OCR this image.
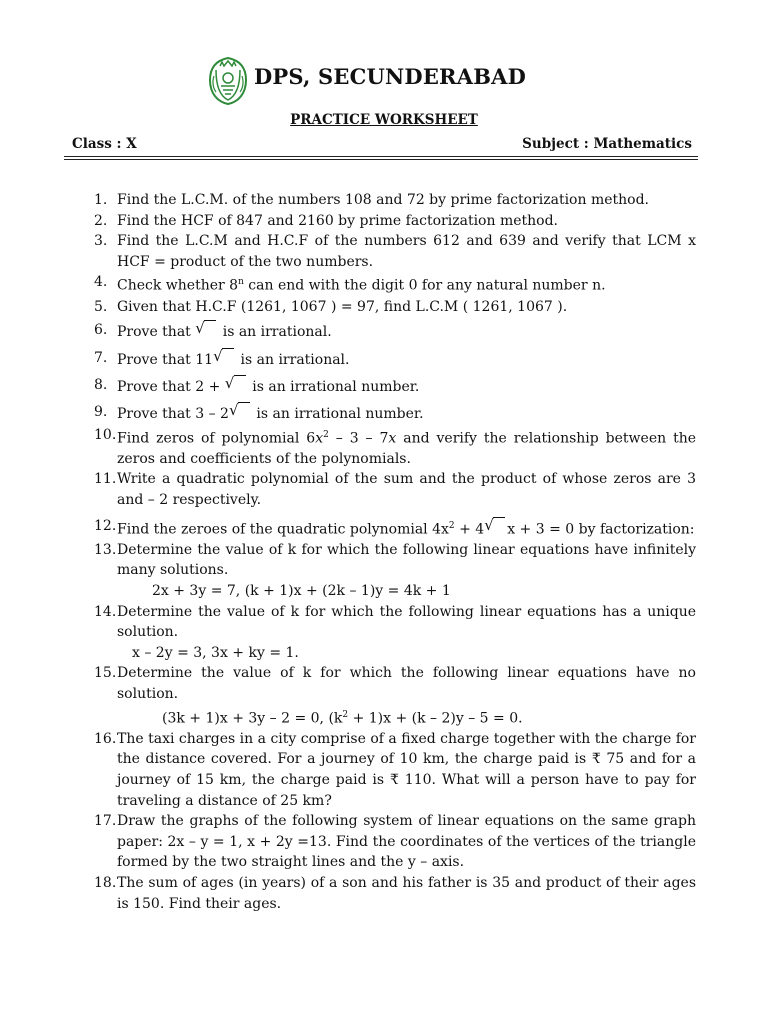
DPS, SECUNDERABAD
PRACTICE WORKSHEET
Class : X	Subject : Mathematics
1. Find the L.C.M. of the numbers 108 and 72 by prime factorization method.
2. Find the HCF of 847 and 2160 by prime factorization method.
3. Find the L.C.M and H.C.F of the numbers 612 and 639 and verify that LCM x HCF = product of the two numbers.
4. Check whether 8$^n$ can end with the digit 0 for any natural number n.
5. Given that H.C.F (1261, 1067 ) = 97, find L.C.M ( 1261, 1067 ).
6. Prove that √ is an irrational.
7. Prove that 11 √ is an irrational.
8. Prove that 2 + √ is an irrational number.
9. Prove that 3 – 2 √ is an irrational number.
10. Find zeros of polynomial $6x^2 - 3 - 7x$ and verify the relationship between the zeros and coefficients of the polynomials.
11. Write a quadratic polynomial of the sum and the product of whose zeros are 3 and – 2 respectively.
12. Find the zeroes of the quadratic polynomial $4x^2 + 4$ √ x + 3 = 0 by factorization:
13. Determine the value of k for which the following linear equations have infinitely many solutions.
2x + 3y = 7, (k + 1)x + (2k – 1)y = 4k + 1
14. Determine the value of k for which the following linear equations has a unique solution.
x – 2y = 3, 3x + ky = 1.
15. Determine the value of k for which the following linear equations have no solution.
(3k + 1)x + 3y – 2 = 0, $(k^2 + 1)x + (k - 2)y - 5 = 0$.
16. The taxi charges in a city comprise of a fixed charge together with the charge for the distance covered. For a journey of 10 km, the charge paid is ₹ 75 and for a journey of 15 km, the charge paid is ₹ 110. What will a person have to pay for traveling a distance of 25 km?
17. Draw the graphs of the following system of linear equations on the same graph paper: 2x – y = 1, x + 2y =13. Find the coordinates of the vertices of the triangle formed by the two straight lines and the y – axis.
18. The sum of ages (in years) of a son and his father is 35 and product of their ages is 150. Find their ages.
